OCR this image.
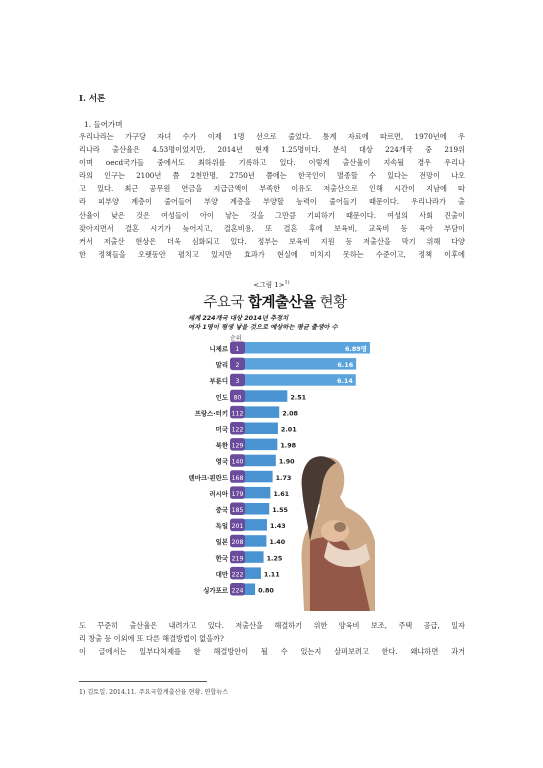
Ⅰ. 서론
1. 들어가며
우리나라는 가구당 자녀 수가 이제 1명 선으로 줄었다. 통계 자료에 따르면, 1970년에 우
리나라 출산율은 4.53명이었지만, 2014년 현재 1.25명이다. 분석 대상 224개국 중 219위
이며 oecd국가들 중에서도 최하위를 기록하고 있다. 이렇게 출산율이 지속될 경우 우리나
라의 인구는 2100년 쯤 2천만명, 2750년 쯤에는 한국인이 멸종할 수 있다는 전망이 나오
고 있다. 최근 공무원 연금을 지급금액이 부족한 이유도 저출산으로 인해 시간이 지남에 따
라 피부양 계층이 줄어들어 부양 계층을 부양할 능력이 줄어들기 때문이다. 우리나라가 출
산율이 낮은 것은 여성들이 아이 낳는 것을 그만큼 기피하기 때문이다. 여성의 사회 진출이
잦아지면서 결혼 시기가 늦어지고, 결혼비용, 또 결혼 후에 보육비, 교육비 등 육아 부담이
커서 저출산 현상은 더욱 심화되고 있다. 정부는 보육비 지원 등 저출산을 막기 위해 다양
한 정책들을 오랫동안 펼치고 있지만 효과가 현실에 미치지 못하는 수준이고, 정책 이후에
<그림 1>$^{1)}$
주요국 합계출산율 현황
세계 224개국 대상 2014년 추정치
여자 1명이 평생 낳을 것으로 예상하는 평균 출생아 수
순위
니제르 1	6.89명
말리 2	6.16
부룬디 3	6.14
인도 80	2.51
프랑스·터키 112	2.08
미국 122	2.01
북한 129	1.98
영국 140	1.90
덴마크·핀란드 168	1.73
러시아 179	1.61
중국 185	1.55
독일 201	1.43
일본 208	1.40
한국 219	1.25
대만 222	1.11
싱가포르 224 0.80
도 꾸준히 출산율은 내려가고 있다. 저출산을 해결하기 위한 양육비 보조, 주택 공급, 일자
리 창출 등 이외에 또 다른 해결방법이 없을까?
이 글에서는 일부다처제를 한 해결방안이 될 수 있는지 살펴보려고 한다. 왜냐하면 과거
1) 김토일. 2014.11. 주요국합계출산율 현황. 연합뉴스
